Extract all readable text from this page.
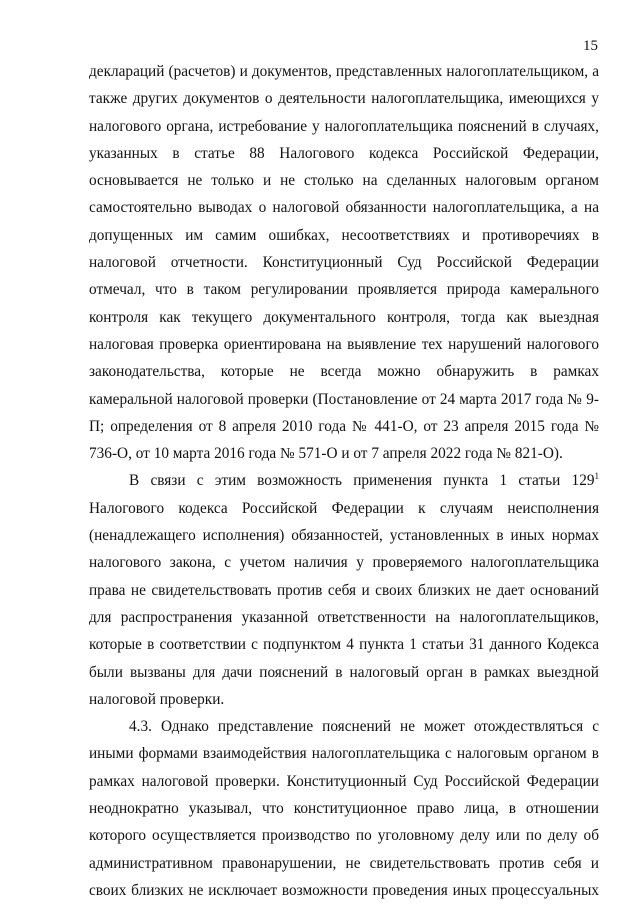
15

деклараций (расчетов) и документов, представленных налогоплательщиком, а также других документов о деятельности налогоплательщика, имеющихся у налогового органа, истребование у налогоплательщика пояснений в случаях, указанных в статье 88 Налогового кодекса Российской Федерации, основывается не только и не столько на сделанных налоговым органом самостоятельно выводах о налоговой обязанности налогоплательщика, а на допущенных им самим ошибках, несоответствиях и противоречиях в налоговой отчетности. Конституционный Суд Российской Федерации отмечал, что в таком регулировании проявляется природа камерального контроля как текущего документального контроля, тогда как выездная налоговая проверка ориентирована на выявление тех нарушений налогового законодательства, которые не всегда можно обнаружить в рамках камеральной налоговой проверки (Постановление от 24 марта 2017 года № 9-П; определения от 8 апреля 2010 года № 441-О, от 23 апреля 2015 года № 736-О, от 10 марта 2016 года № 571-О и от 7 апреля 2022 года № 821-О).

В связи с этим возможность применения пункта 1 статьи $129^1$ Налогового кодекса Российской Федерации к случаям неисполнения (ненадлежащего исполнения) обязанностей, установленных в иных нормах налогового закона, с учетом наличия у проверяемого налогоплательщика права не свидетельствовать против себя и своих близких не дает оснований для распространения указанной ответственности на налогоплательщиков, которые в соответствии с подпунктом 4 пункта 1 статьи 31 данного Кодекса были вызваны для дачи пояснений в налоговый орган в рамках выездной налоговой проверки.

4.3. Однако представление пояснений не может отождествляться с иными формами взаимодействия налогоплательщика с налоговым органом в рамках налоговой проверки. Конституционный Суд Российской Федерации неоднократно указывал, что конституционное право лица, в отношении которого осуществляется производство по уголовному делу или по делу об административном правонарушении, не свидетельствовать против себя и своих близких не исключает возможности проведения иных процессуальных
